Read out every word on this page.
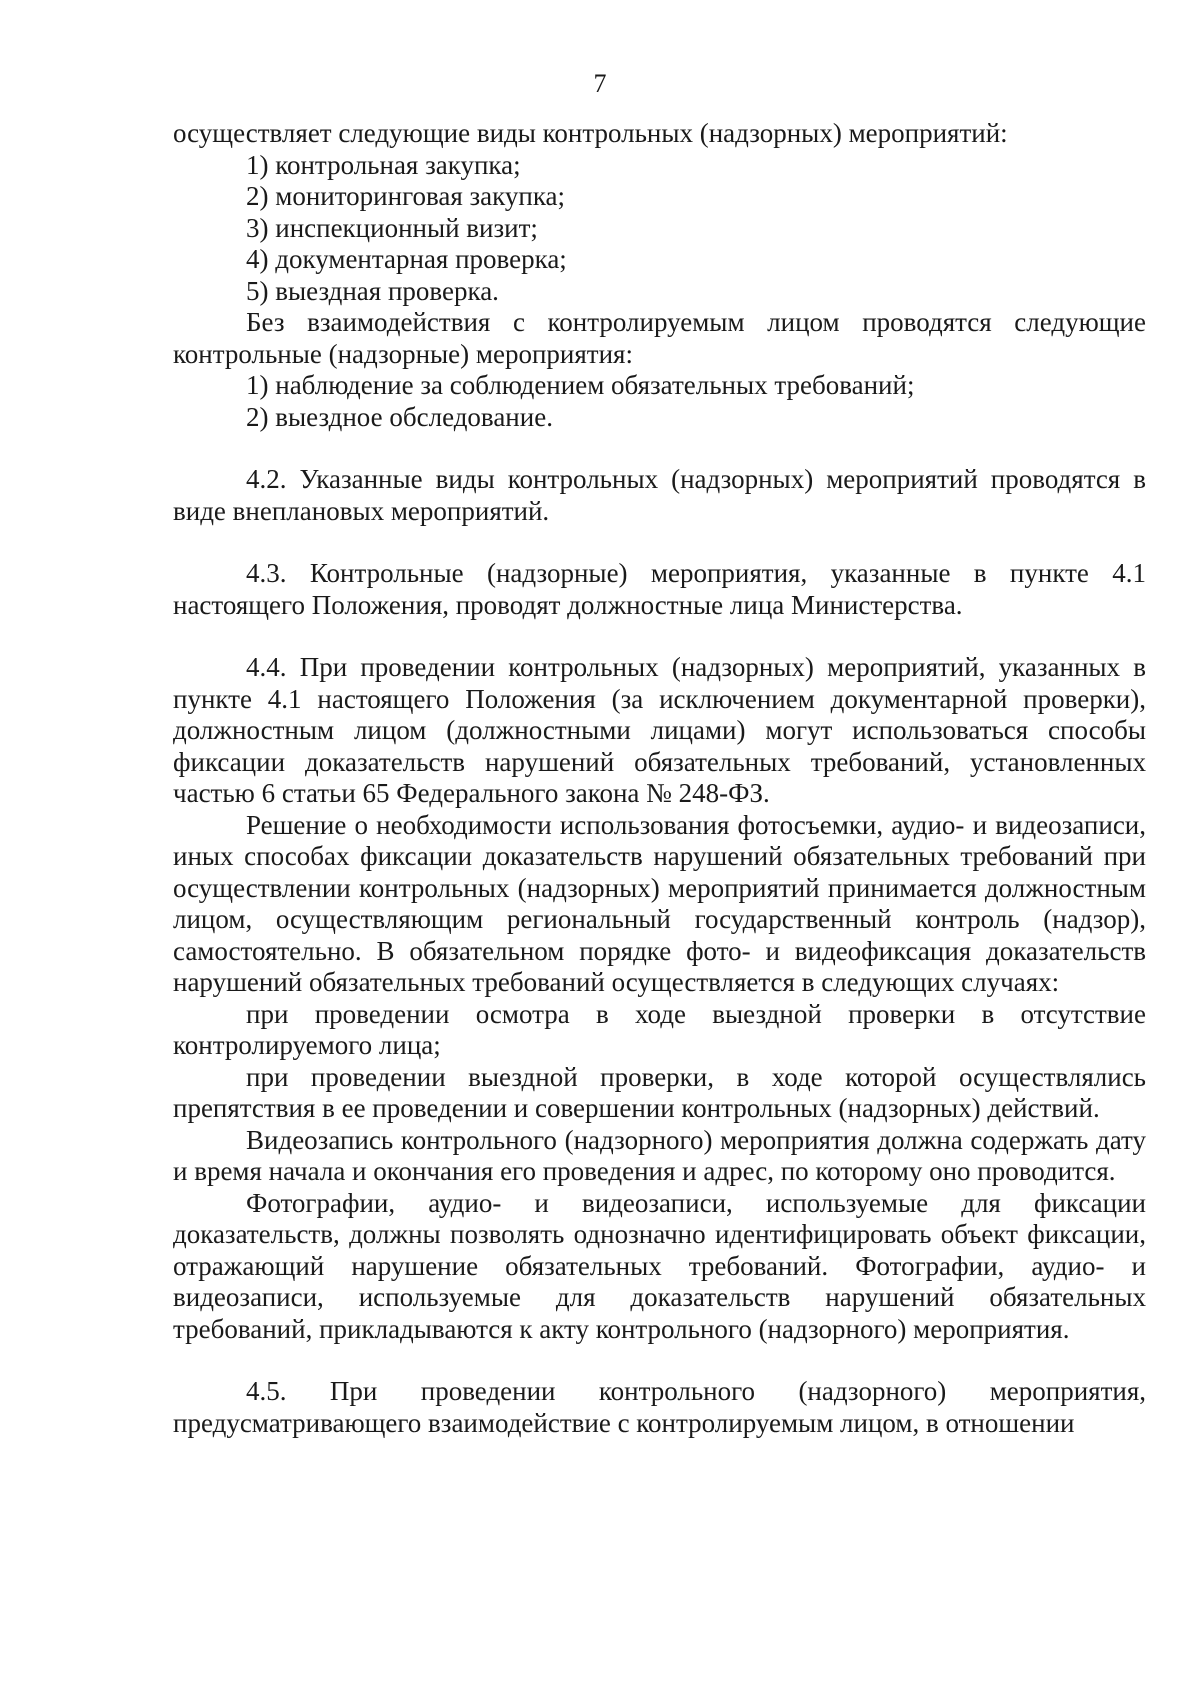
7

осуществляет следующие виды контрольных (надзорных) мероприятий:

1) контрольная закупка;

2) мониторинговая закупка;

3) инспекционный визит;

4) документарная проверка;

5) выездная проверка.

Без взаимодействия с контролируемым лицом проводятся следующие контрольные (надзорные) мероприятия:

1) наблюдение за соблюдением обязательных требований;

2) выездное обследование.

4.2. Указанные виды контрольных (надзорных) мероприятий проводятся в виде внеплановых мероприятий.

4.3. Контрольные (надзорные) мероприятия, указанные в пункте 4.1 настоящего Положения, проводят должностные лица Министерства.

4.4. При проведении контрольных (надзорных) мероприятий, указанных в пункте 4.1 настоящего Положения (за исключением документарной проверки), должностным лицом (должностными лицами) могут использоваться способы фиксации доказательств нарушений обязательных требований, установленных частью 6 статьи 65 Федерального закона № 248-ФЗ.

Решение о необходимости использования фотосъемки, аудио- и видеозаписи, иных способах фиксации доказательств нарушений обязательных требований при осуществлении контрольных (надзорных) мероприятий принимается должностным лицом, осуществляющим региональный государственный контроль (надзор), самостоятельно. В обязательном порядке фото- и видеофиксация доказательств нарушений обязательных требований осуществляется в следующих случаях:

при проведении осмотра в ходе выездной проверки в отсутствие контролируемого лица;

при проведении выездной проверки, в ходе которой осуществлялись препятствия в ее проведении и совершении контрольных (надзорных) действий.

Видеозапись контрольного (надзорного) мероприятия должна содержать дату и время начала и окончания его проведения и адрес, по которому оно проводится.

Фотографии, аудио- и видеозаписи, используемые для фиксации доказательств, должны позволять однозначно идентифицировать объект фиксации, отражающий нарушение обязательных требований. Фотографии, аудио- и видеозаписи, используемые для доказательств нарушений обязательных требований, прикладываются к акту контрольного (надзорного) мероприятия.

4.5. При проведении контрольного (надзорного) мероприятия, предусматривающего взаимодействие с контролируемым лицом, в отношении
